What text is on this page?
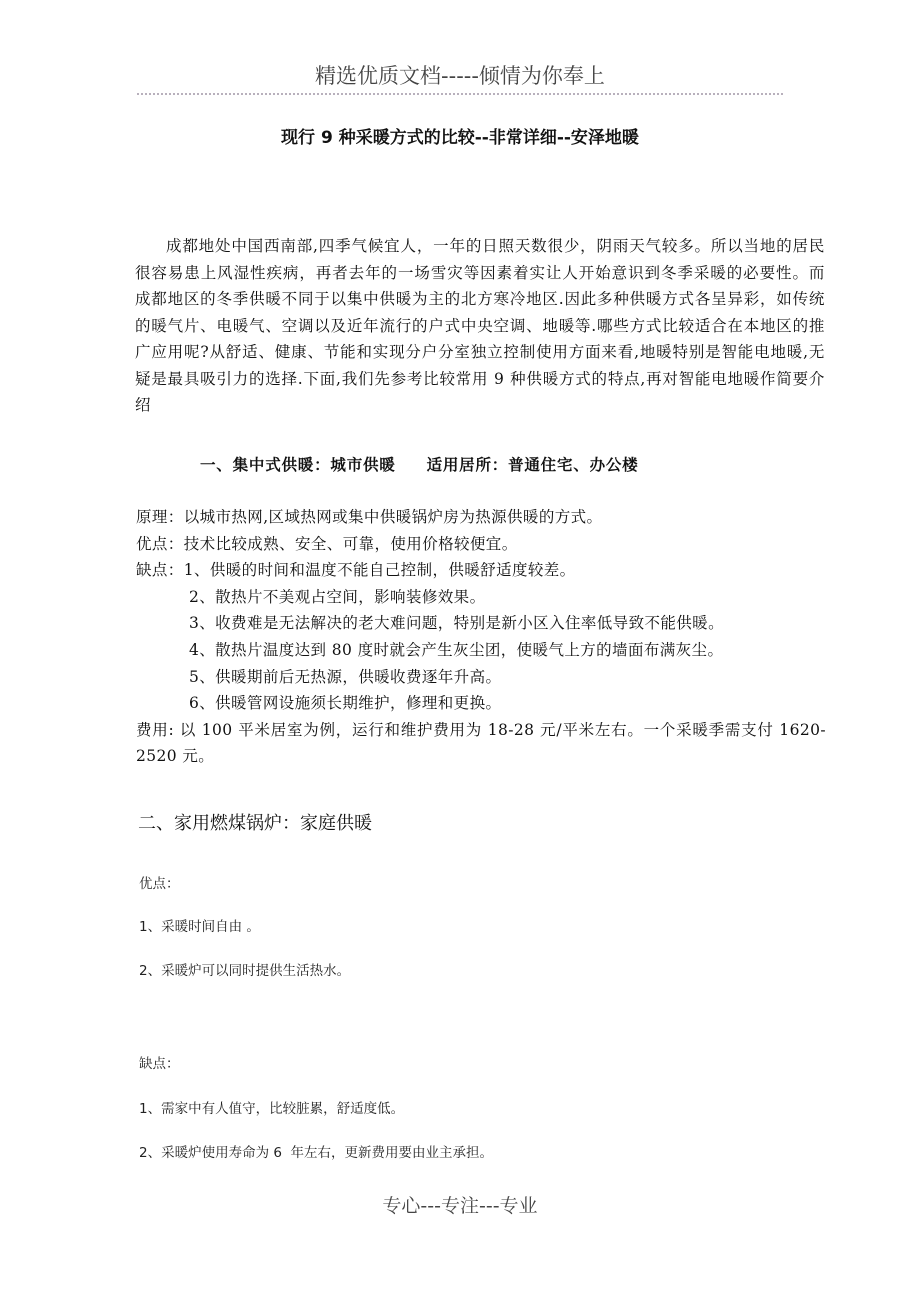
精选优质文档-----倾情为你奉上
现行 9 种采暖方式的比较--非常详细--安泽地暖

成都地处中国西南部,四季气候宜人，一年的日照天数很少，阴雨天气较多。所以当地的居民很容易患上风湿性疾病，再者去年的一场雪灾等因素着实让人开始意识到冬季采暖的必要性。而成都地区的冬季供暖不同于以集中供暖为主的北方寒冷地区.因此多种供暖方式各呈异彩，如传统的暖气片、电暖气、空调以及近年流行的户式中央空调、地暖等.哪些方式比较适合在本地区的推广应用呢?从舒适、健康、节能和实现分户分室独立控制使用方面来看,地暖特别是智能电地暖,无疑是最具吸引力的选择.下面,我们先参考比较常用 9 种供暖方式的特点,再对智能电地暖作简要介绍

一、集中式供暖：城市供暖     适用居所：普通住宅、办公楼
原理：以城市热网,区域热网或集中供暖锅炉房为热源供暖的方式。
优点：技术比较成熟、安全、可靠，使用价格较便宜。
缺点：1、供暖的时间和温度不能自己控制，供暖舒适度较差。
2、散热片不美观占空间，影响装修效果。
3、收费难是无法解决的老大难问题，特别是新小区入住率低导致不能供暖。
4、散热片温度达到 80 度时就会产生灰尘团，使暖气上方的墙面布满灰尘。
5、供暖期前后无热源，供暖收费逐年升高。
6、供暖管网设施须长期维护，修理和更换。
费用: 以 100 平米居室为例，运行和维护费用为 18-28 元/平米左右。一个采暖季需支付 1620-2520 元。
二、家用燃煤锅炉：家庭供暖
优点：
1、采暖时间自由 。
2、采暖炉可以同时提供生活热水。
缺点：
1、需家中有人值守，比较脏累，舒适度低。
2、采暖炉使用寿命为 6  年左右，更新费用要由业主承担。
专心---专注---专业
